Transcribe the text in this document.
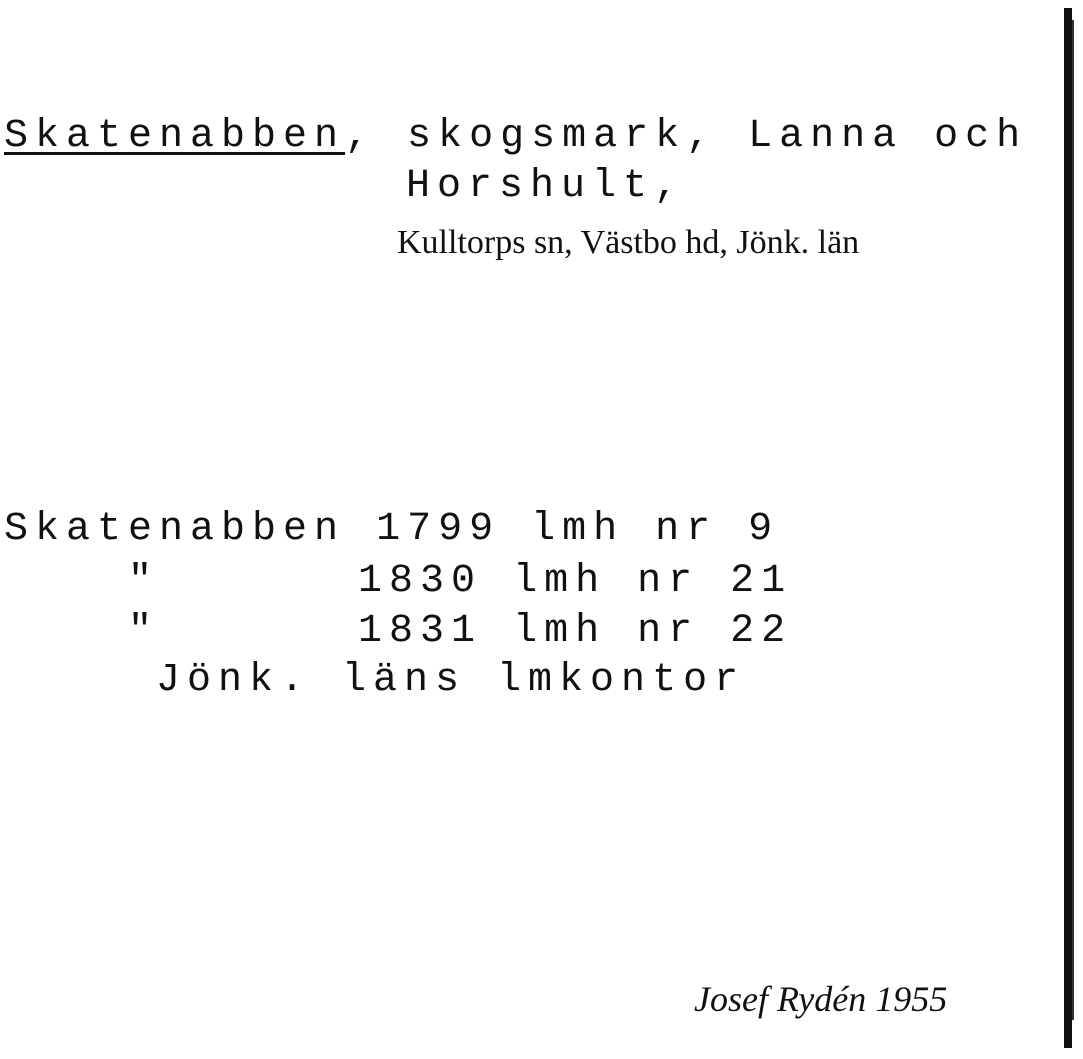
Skatenabben, skogsmark, Lanna och

Horshult,

Kulltorps sn, Västbo hd, Jönk. län

Skatenabben 1799 lmh nr 9

"	1830 lmh nr 21

"	1831 lmh nr 22

Jönk. läns lmkontor

Josef Rydén 1955
